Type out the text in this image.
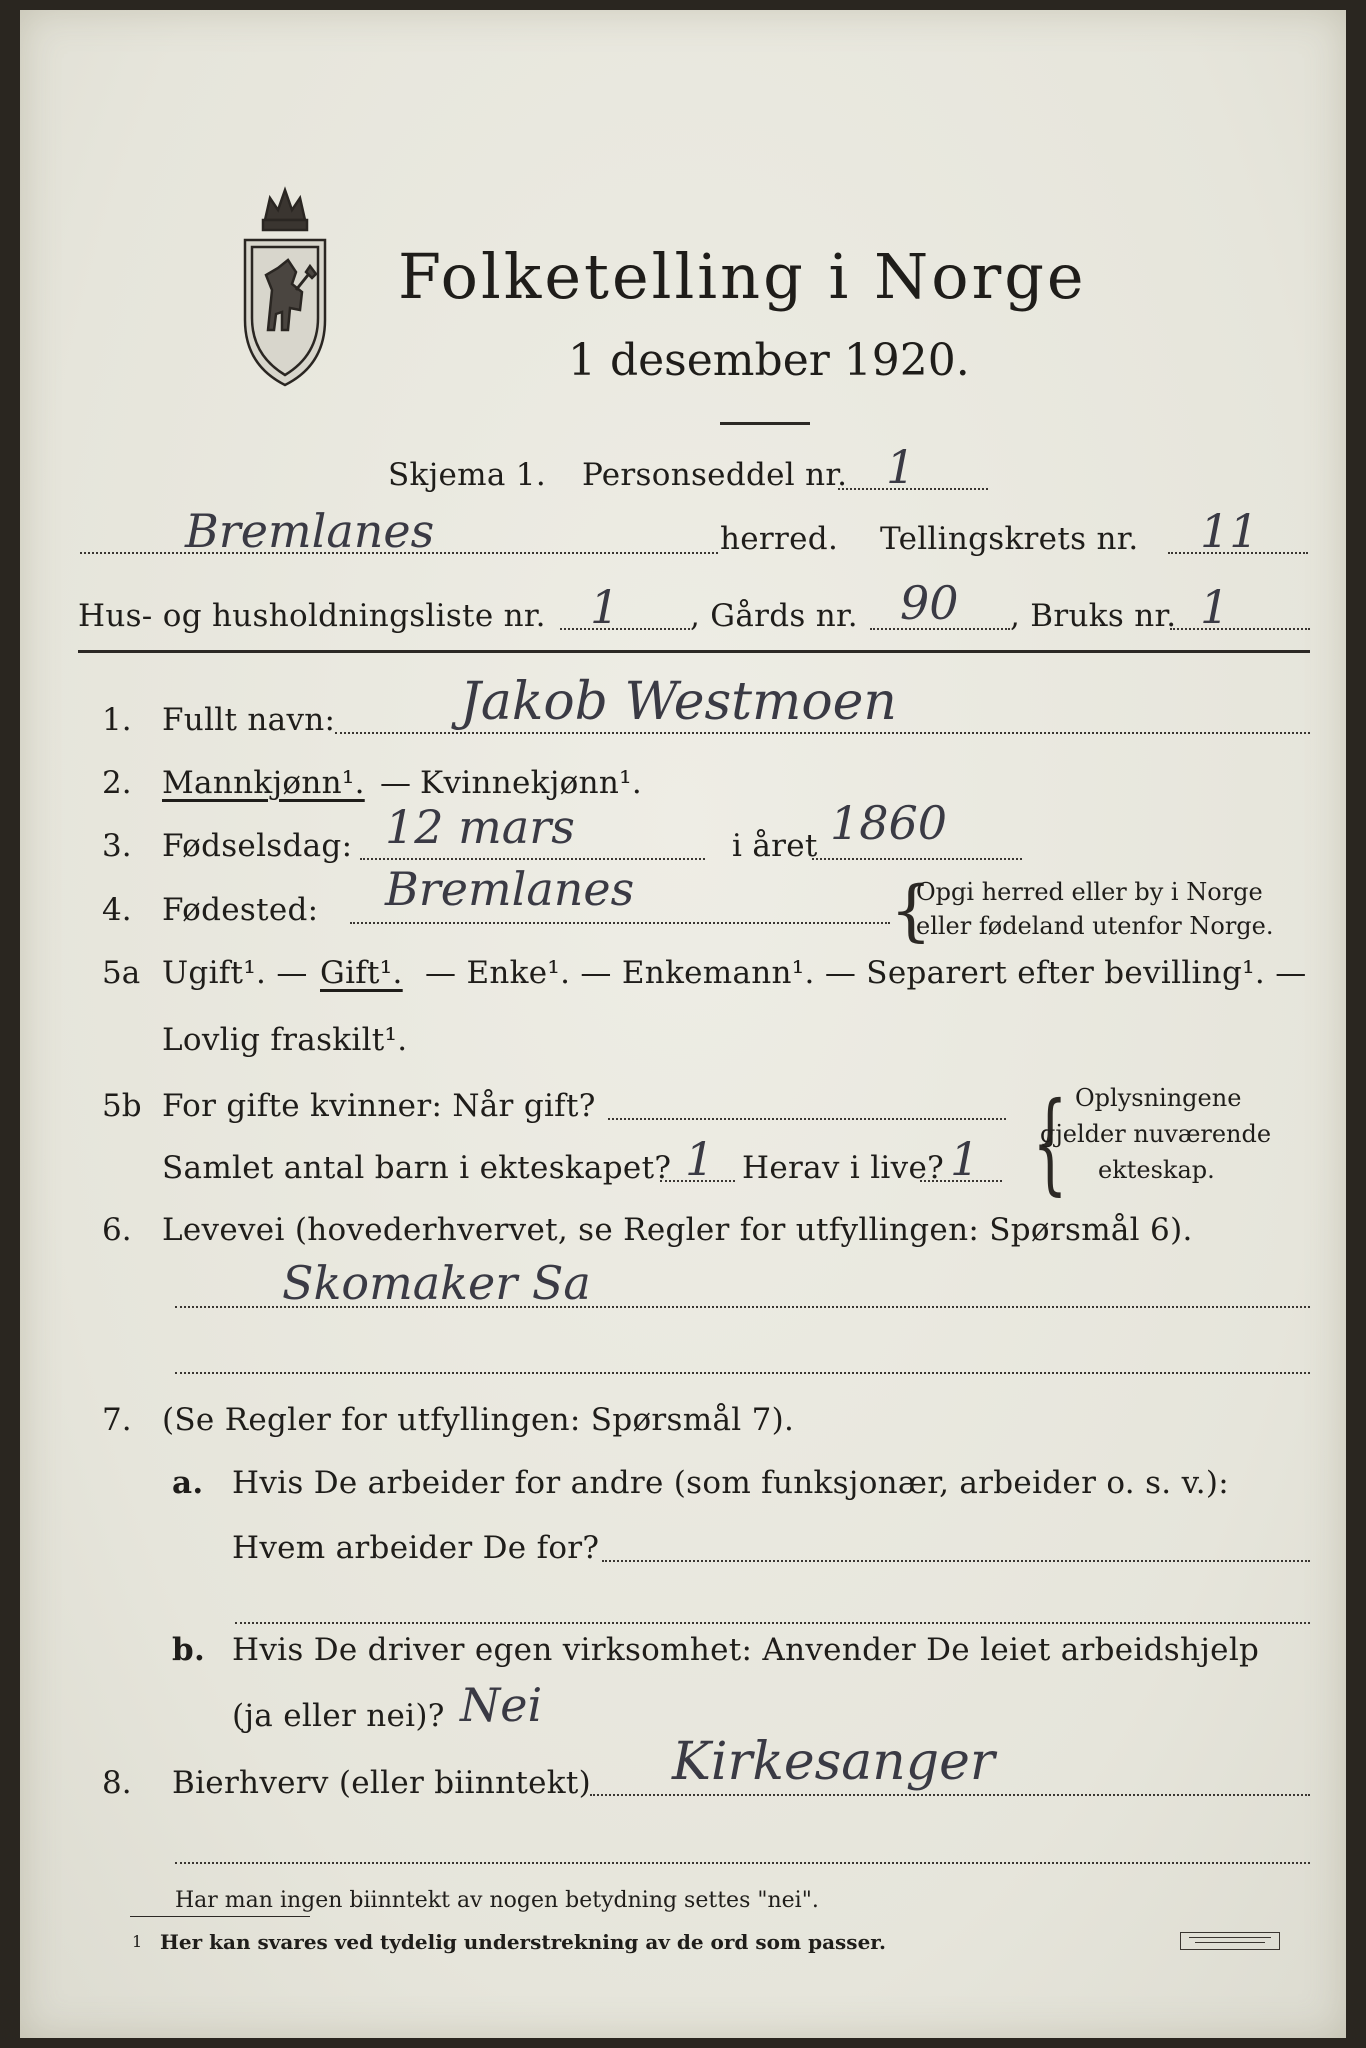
Folketelling i Norge
1 desember 1920.
Skjema 1. Personseddel nr. 1
Bremlanes	herred. Tellingskrets nr. 11
Hus- og husholdningsliste nr. 1 , Gårds nr. 90 , Bruks nr. 1
1. Fullt navn: Jakob Westmoen
2. Mannkjønn¹. — Kvinnekjønn¹.
3. Fødselsdag: 12 mars	i året 1860
4. Fødested: Bremlanes	{
Opgi herred eller by i Norge
eller fødeland utenfor Norge.
5a Ugift¹. — Gift¹. — Enke¹. — Enkemann¹. — Separert efter bevilling¹. —
Lovlig fraskilt¹.
5b For gifte kvinner: Når gift?
Samlet antal barn i ekteskapet? 1 Herav i live? 1 { Oplysningene
gjelder nuværende
ekteskap.
6. Levevei (hovederhvervet, se Regler for utfyllingen: Spørsmål 6).
Skomaker Sa
7. (Se Regler for utfyllingen: Spørsmål 7).
a. Hvis De arbeider for andre (som funksjonær, arbeider o. s. v.):
Hvem arbeider De for?
b. Hvis De driver egen virksomhet: Anvender De leiet arbeidshjelp
(ja eller nei)? Nei
8. Bierhverv (eller biinntekt) Kirkesanger
Har man ingen biinntekt av nogen betydning settes "nei".
1 Her kan svares ved tydelig understrekning av de ord som passer.
